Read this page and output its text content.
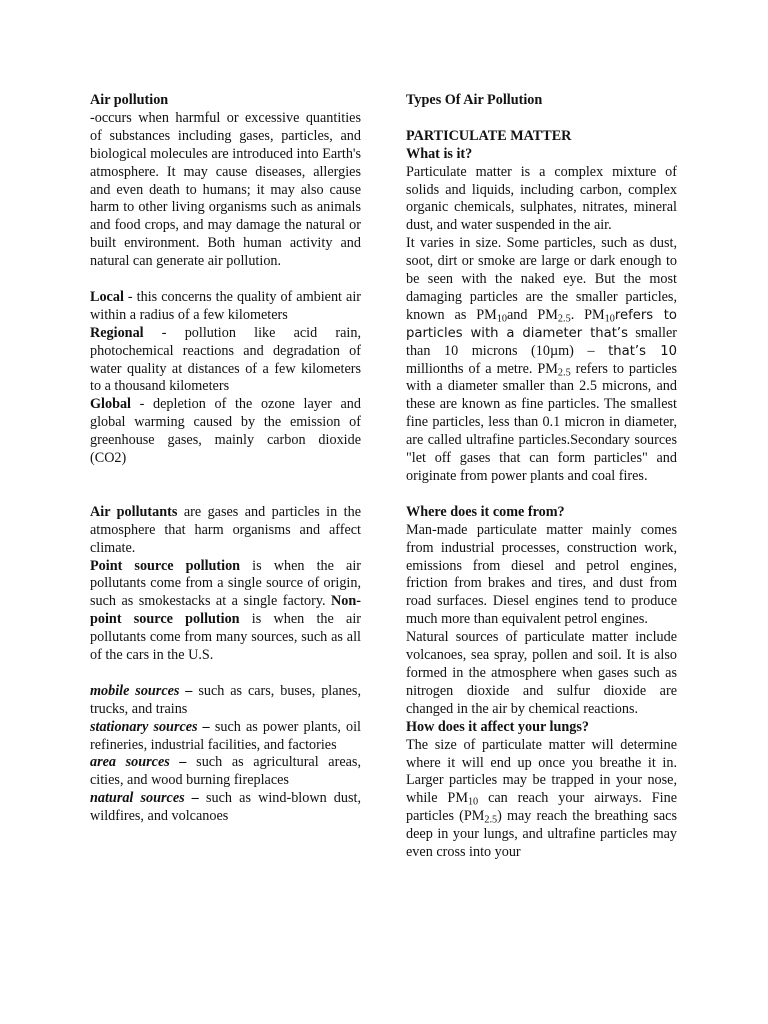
Air pollution

-occurs when harmful or excessive quantities of substances including gases, particles, and biological molecules are introduced into Earth's atmosphere. It may cause diseases, allergies and even death to humans; it may also cause harm to other living organisms such as animals and food crops, and may damage the natural or built environment. Both human activity and natural can generate air pollution.

Local - this concerns the quality of ambient air within a radius of a few kilometers

Regional - pollution like acid rain, photochemical reactions and degradation of water quality at distances of a few kilometers to a thousand kilometers

Global - depletion of the ozone layer and global warming caused by the emission of greenhouse gases, mainly carbon dioxide (CO2)

Air pollutants are gases and particles in the atmosphere that harm organisms and affect climate.

Point source pollution is when the air pollutants come from a single source of origin, such as smokestacks at a single factory. Non-point source pollution is when the air pollutants come from many sources, such as all of the cars in the U.S.

mobile sources – such as cars, buses, planes, trucks, and trains

stationary sources – such as power plants, oil refineries, industrial facilities, and factories

area sources – such as agricultural areas, cities, and wood burning fireplaces

natural sources – such as wind-blown dust, wildfires, and volcanoes

Types Of Air Pollution

PARTICULATE MATTER

What is it?

Particulate matter is a complex mixture of solids and liquids, including carbon, complex organic chemicals, sulphates, nitrates, mineral dust, and water suspended in the air.

It varies in size. Some particles, such as dust, soot, dirt or smoke are large or dark enough to be seen with the naked eye. But the most damaging particles are the smaller particles, known as $PM_{10}and$ $PM_{2.5}$. $PM_{10}refers$ to particles with a diameter that’s smaller than 10 microns (10µm) – that’s 10 millionths of a metre. $PM_{2.5}$ refers to particles with a diameter smaller than 2.5 microns, and these are known as fine particles. The smallest fine particles, less than 0.1 micron in diameter, are called ultrafine particles.Secondary sources "let off gases that can form particles" and originate from power plants and coal fires.

Where does it come from?

Man-made particulate matter mainly comes from industrial processes, construction work, emissions from diesel and petrol engines, friction from brakes and tires, and dust from road surfaces. Diesel engines tend to produce much more than equivalent petrol engines.

Natural sources of particulate matter include volcanoes, sea spray, pollen and soil. It is also formed in the atmosphere when gases such as nitrogen dioxide and sulfur dioxide are changed in the air by chemical reactions.

How does it affect your lungs?

The size of particulate matter will determine where it will end up once you breathe it in. Larger particles may be trapped in your nose, while $PM_{10}$ can reach your airways. Fine particles $(PM_{2.5})$ may reach the breathing sacs deep in your lungs, and ultrafine particles may even cross into your
